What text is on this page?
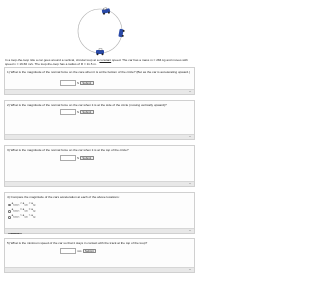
In a loop-the-loop ride a car goes around a vertical, circular loop at a constant speed. The car has a mass m = 284 kg and moves with speed v = 16.66 m/s. The loop-the-loop has a radius of R = 11.5 m.
1) What is the magnitude of the normal force on the care when it is at the bottom of the circle? (But as the car is accelerating upward.)
N	Submit
2) What is the magnitude of the normal force on the car when it is at the side of the circle (moving vertically upward)?
N	Submit
3) What is the magnitude of the normal force on the car when it is at the top of the circle?
N	Submit
4) Compare the magnitude of the cars acceleration at each of the above locations:
$a_{bottom} < a_{side} < a_{top}$
$a_{bottom} = a_{side} = a_{top}$
$a_{bottom} > a_{side} > a_{top}$
5) What is the minimum speed of the car so that it stays in contact with the track at the top of the loop?
m/s	Submit
